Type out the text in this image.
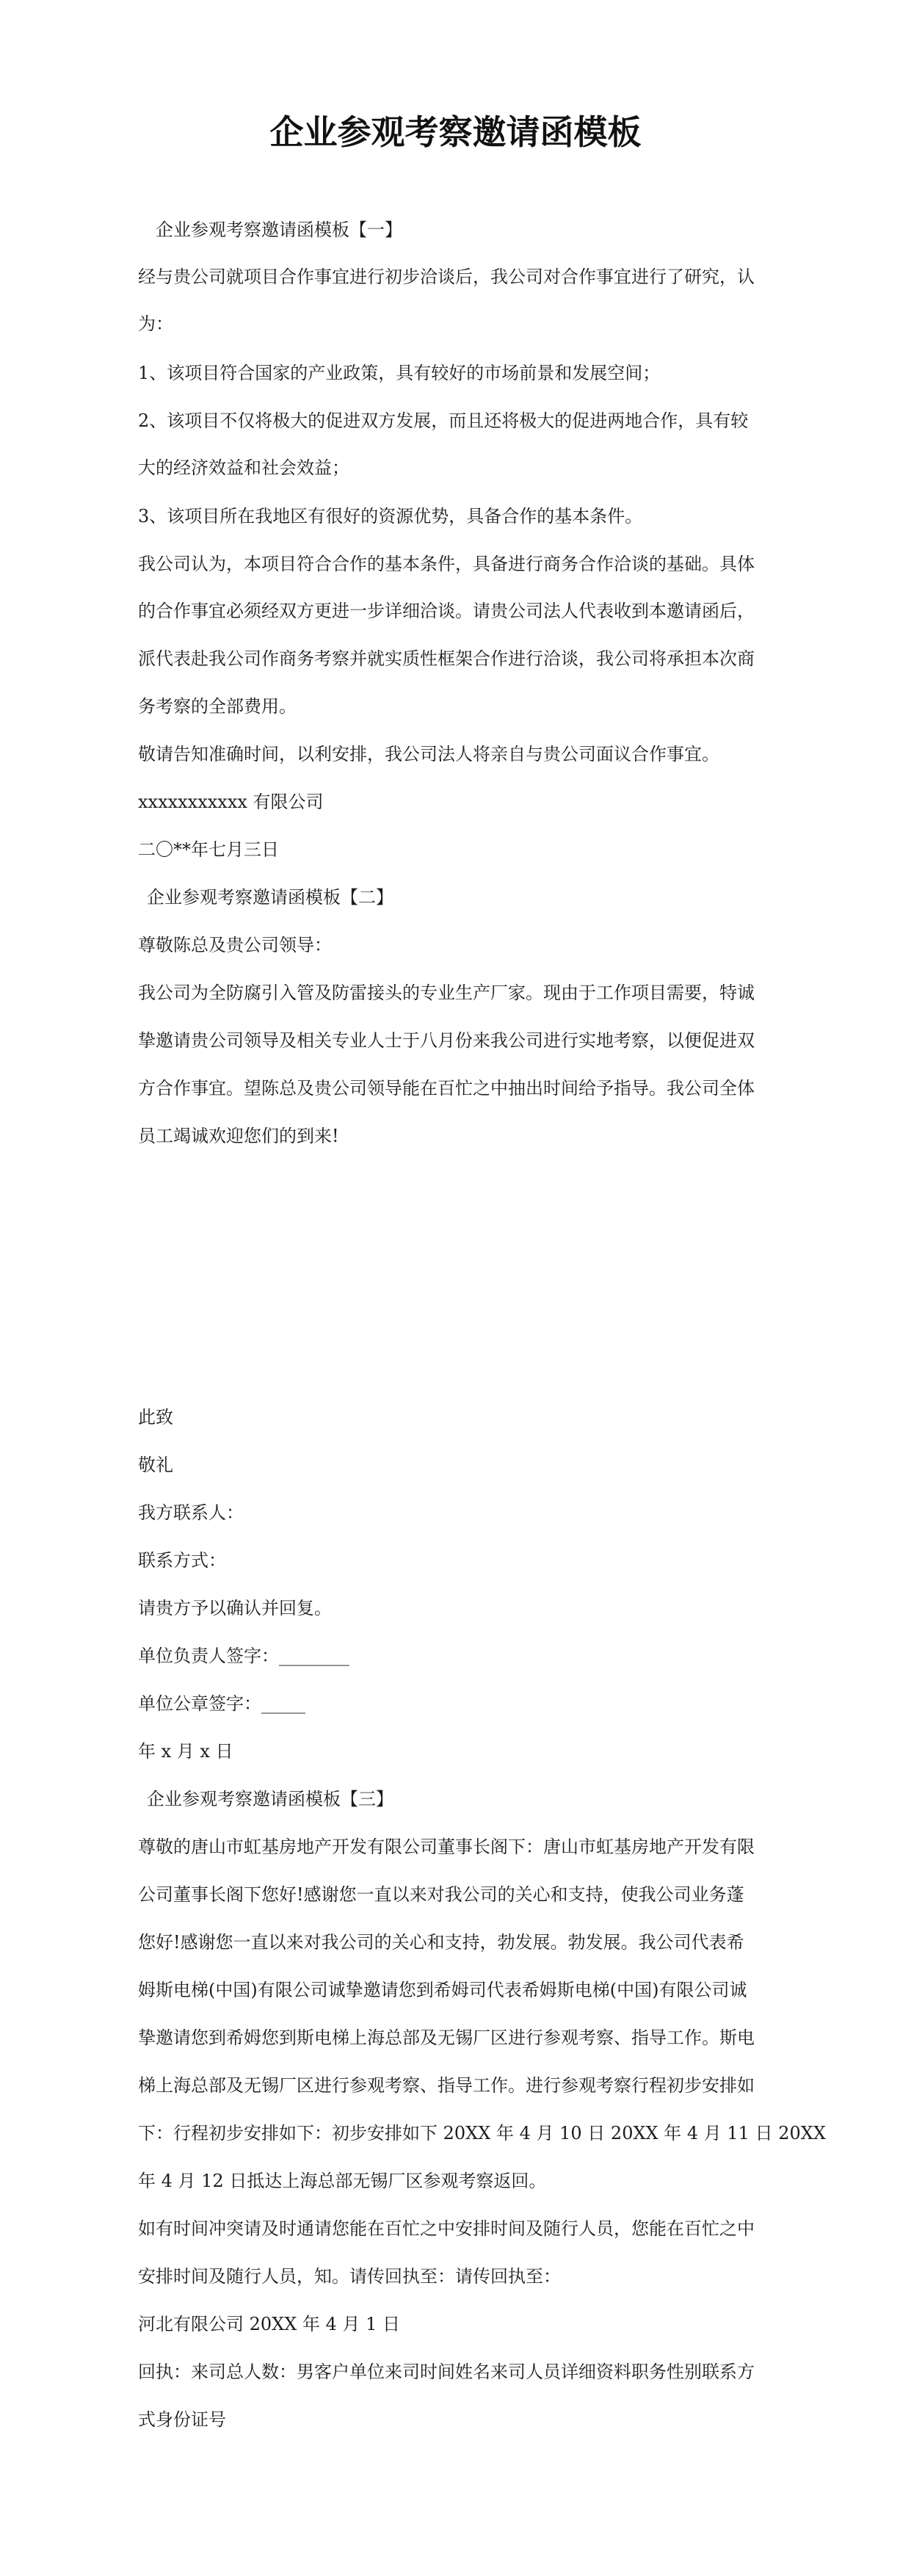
企业参观考察邀请函模板

企业参观考察邀请函模板【一】

经与贵公司就项目合作事宜进行初步洽谈后，我公司对合作事宜进行了研究，认

为：

1、该项目符合国家的产业政策，具有较好的市场前景和发展空间；

2、该项目不仅将极大的促进双方发展，而且还将极大的促进两地合作，具有较

大的经济效益和社会效益；

3、该项目所在我地区有很好的资源优势，具备合作的基本条件。

我公司认为，本项目符合合作的基本条件，具备进行商务合作洽谈的基础。具体

的合作事宜必须经双方更进一步详细洽谈。请贵公司法人代表收到本邀请函后，

派代表赴我公司作商务考察并就实质性框架合作进行洽谈，我公司将承担本次商

务考察的全部费用。

敬请告知准确时间，以利安排，我公司法人将亲自与贵公司面议合作事宜。

xxxxxxxxxxx 有限公司

二〇**年七月三日

企业参观考察邀请函模板【二】

尊敬陈总及贵公司领导：

我公司为全防腐引入管及防雷接头的专业生产厂家。现由于工作项目需要，特诚

挚邀请贵公司领导及相关专业人士于八月份来我公司进行实地考察，以便促进双

方合作事宜。望陈总及贵公司领导能在百忙之中抽出时间给予指导。我公司全体

员工竭诚欢迎您们的到来!

此致

敬礼

我方联系人：

联系方式：

请贵方予以确认并回复。

单位负责人签字：________

单位公章签字：_____

年 x 月 x 日

企业参观考察邀请函模板【三】

尊敬的唐山市虹基房地产开发有限公司董事长阁下：唐山市虹基房地产开发有限

公司董事长阁下您好!感谢您一直以来对我公司的关心和支持，使我公司业务蓬

您好!感谢您一直以来对我公司的关心和支持，勃发展。勃发展。我公司代表希

姆斯电梯(中国)有限公司诚挚邀请您到希姆司代表希姆斯电梯(中国)有限公司诚

挚邀请您到希姆您到斯电梯上海总部及无锡厂区进行参观考察、指导工作。斯电

梯上海总部及无锡厂区进行参观考察、指导工作。进行参观考察行程初步安排如

下：行程初步安排如下：初步安排如下 20XX 年 4 月 10 日 20XX 年 4 月 11 日 20XX

年 4 月 12 日抵达上海总部无锡厂区参观考察返回。

如有时间冲突请及时通请您能在百忙之中安排时间及随行人员，您能在百忙之中

安排时间及随行人员，知。请传回执至：请传回执至：

河北有限公司 20XX 年 4 月 1 日

回执：来司总人数：男客户单位来司时间姓名来司人员详细资料职务性别联系方

式身份证号
